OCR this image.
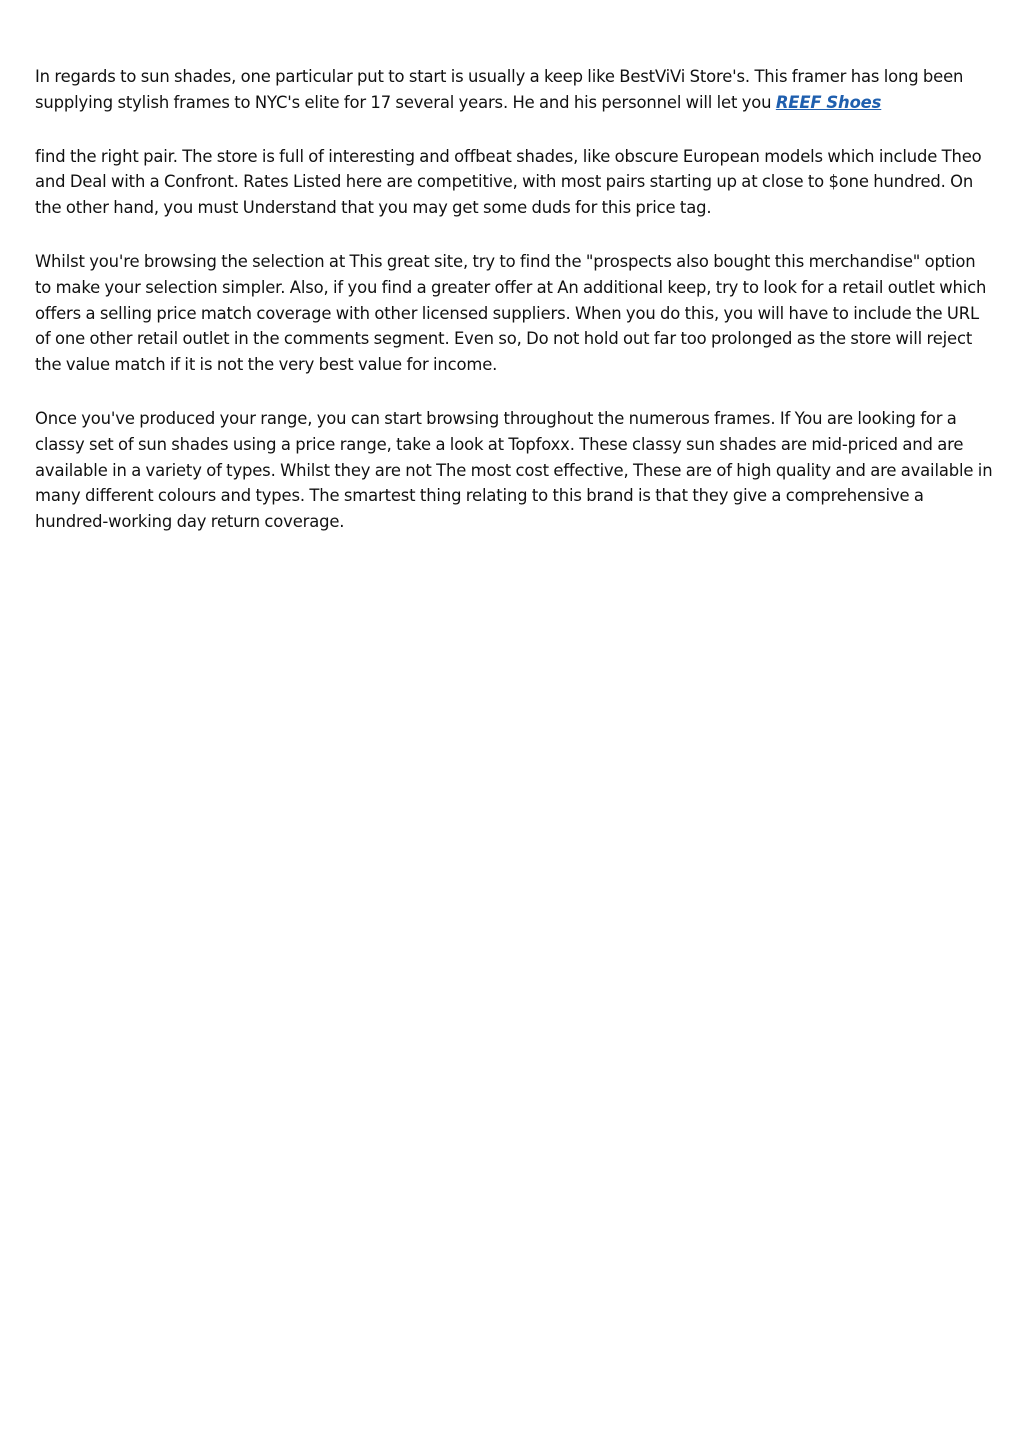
In regards to sun shades, one particular put to start is usually a keep like BestViVi Store's. This framer has long been supplying stylish frames to NYC's elite for 17 several years. He and his personnel will let you REEF Shoes

find the right pair. The store is full of interesting and offbeat shades, like obscure European models which include Theo and Deal with a Confront. Rates Listed here are competitive, with most pairs starting up at close to $one hundred. On the other hand, you must Understand that you may get some duds for this price tag.

Whilst you're browsing the selection at This great site, try to find the "prospects also bought this merchandise" option to make your selection simpler. Also, if you find a greater offer at An additional keep, try to look for a retail outlet which offers a selling price match coverage with other licensed suppliers. When you do this, you will have to include the URL of one other retail outlet in the comments segment. Even so, Do not hold out far too prolonged as the store will reject the value match if it is not the very best value for income.

Once you've produced your range, you can start browsing throughout the numerous frames. If You are looking for a classy set of sun shades using a price range, take a look at Topfoxx. These classy sun shades are mid-priced and are available in a variety of types. Whilst they are not The most cost effective, These are of high quality and are available in many different colours and types. The smartest thing relating to this brand is that they give a comprehensive a hundred-working day return coverage.
